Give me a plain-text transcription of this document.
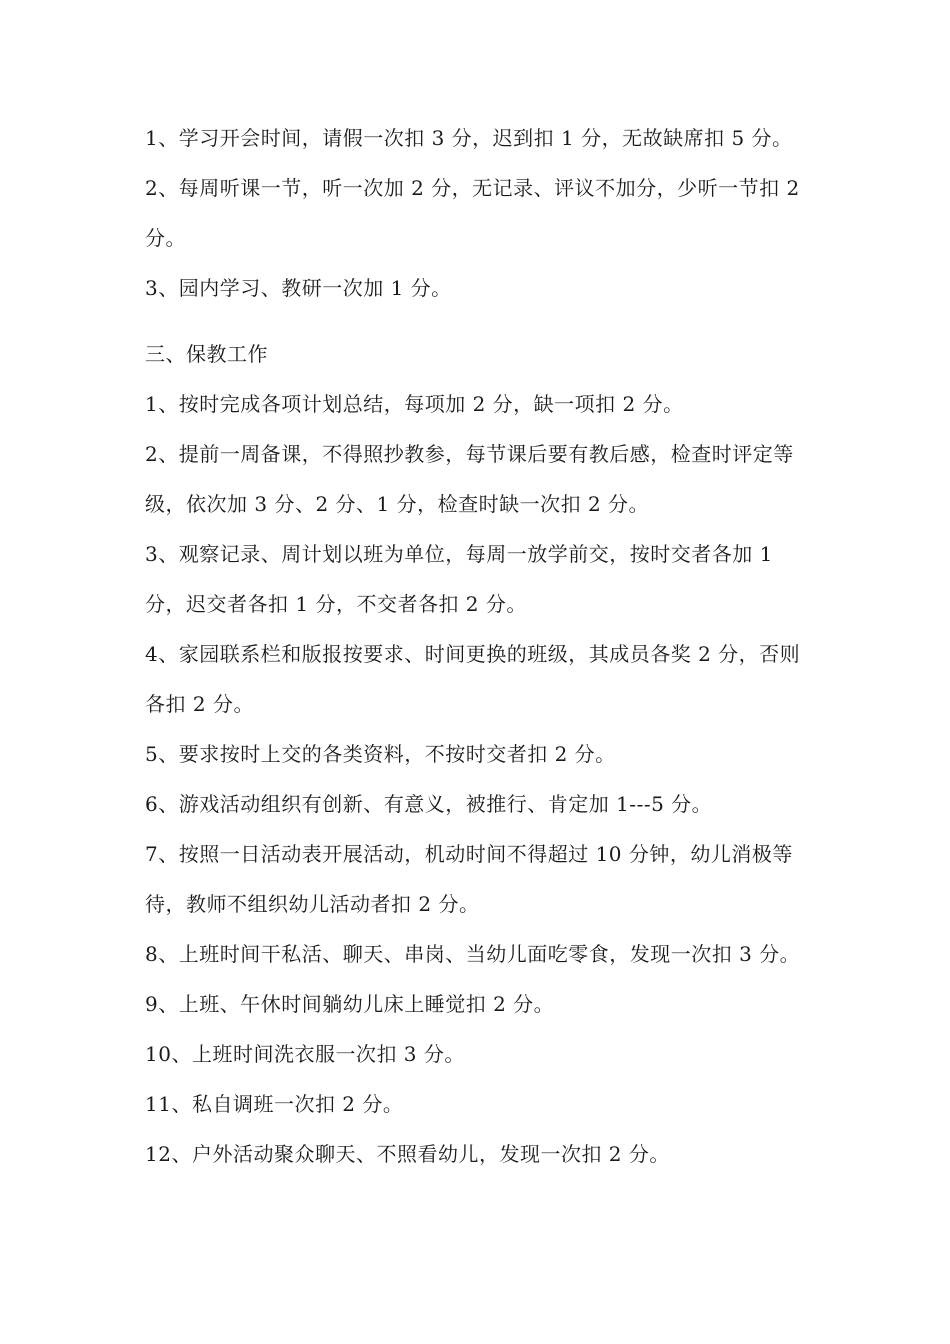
1、学习开会时间，请假一次扣 3 分，迟到扣 1 分，无故缺席扣 5 分。

2、每周听课一节，听一次加 2 分，无记录、评议不加分，少听一节扣 2 分。

3、园内学习、教研一次加 1 分。

三、保教工作

1、按时完成各项计划总结，每项加 2 分，缺一项扣 2 分。

2、提前一周备课，不得照抄教参，每节课后要有教后感，检查时评定等级，依次加 3 分、2 分、1 分，检查时缺一次扣 2 分。

3、观察记录、周计划以班为单位，每周一放学前交，按时交者各加 1 分，迟交者各扣 1 分，不交者各扣 2 分。

4、家园联系栏和版报按要求、时间更换的班级，其成员各奖 2 分，否则各扣 2 分。

5、要求按时上交的各类资料，不按时交者扣 2 分。

6、游戏活动组织有创新、有意义，被推行、肯定加 1---5 分。

7、按照一日活动表开展活动，机动时间不得超过 10 分钟，幼儿消极等待，教师不组织幼儿活动者扣 2 分。

8、上班时间干私活、聊天、串岗、当幼儿面吃零食，发现一次扣 3 分。

9、上班、午休时间躺幼儿床上睡觉扣 2 分。

10、上班时间洗衣服一次扣 3 分。

11、私自调班一次扣 2 分。

12、户外活动聚众聊天、不照看幼儿，发现一次扣 2 分。
